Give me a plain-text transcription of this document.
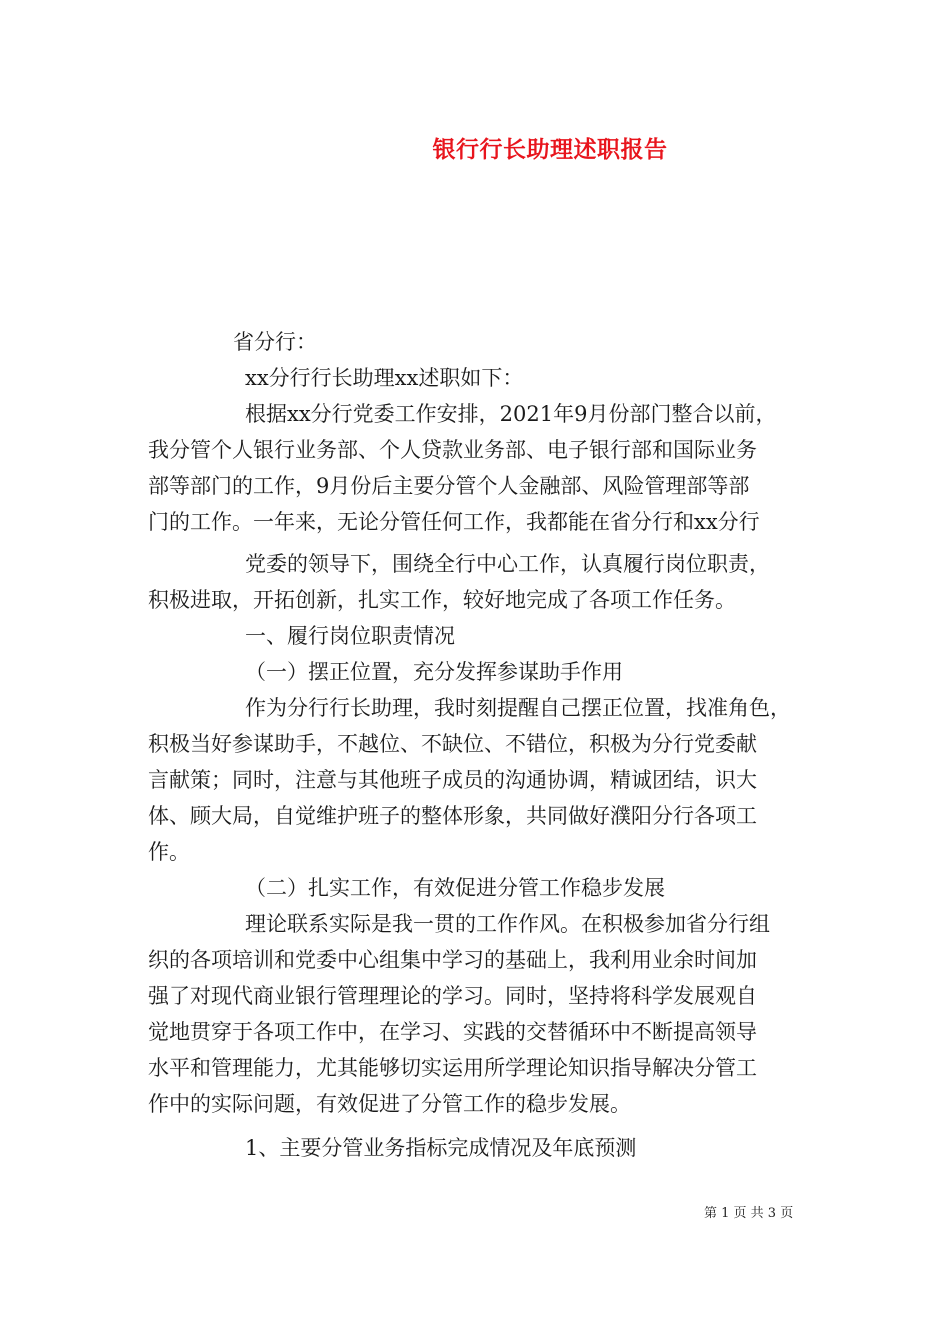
银行行长助理述职报告
省分行：
xx分行行长助理xx述职如下：
根据xx分行党委工作安排，2021年9月份部门整合以前，
我分管个人银行业务部、个人贷款业务部、电子银行部和国际业务
部等部门的工作，9月份后主要分管个人金融部、风险管理部等部
门的工作。一年来，无论分管任何工作，我都能在省分行和xx分行
党委的领导下，围绕全行中心工作，认真履行岗位职责，
积极进取，开拓创新，扎实工作，较好地完成了各项工作任务。
一、履行岗位职责情况
（一）摆正位置，充分发挥参谋助手作用
作为分行行长助理，我时刻提醒自己摆正位置，找准角色，
积极当好参谋助手，不越位、不缺位、不错位，积极为分行党委献
言献策；同时，注意与其他班子成员的沟通协调，精诚团结，识大
体、顾大局，自觉维护班子的整体形象，共同做好濮阳分行各项工
作。
（二）扎实工作，有效促进分管工作稳步发展
理论联系实际是我一贯的工作作风。在积极参加省分行组
织的各项培训和党委中心组集中学习的基础上，我利用业余时间加
强了对现代商业银行管理理论的学习。同时，坚持将科学发展观自
觉地贯穿于各项工作中，在学习、实践的交替循环中不断提高领导
水平和管理能力，尤其能够切实运用所学理论知识指导解决分管工
作中的实际问题，有效促进了分管工作的稳步发展。
1、主要分管业务指标完成情况及年底预测
第 1 页 共 3 页
